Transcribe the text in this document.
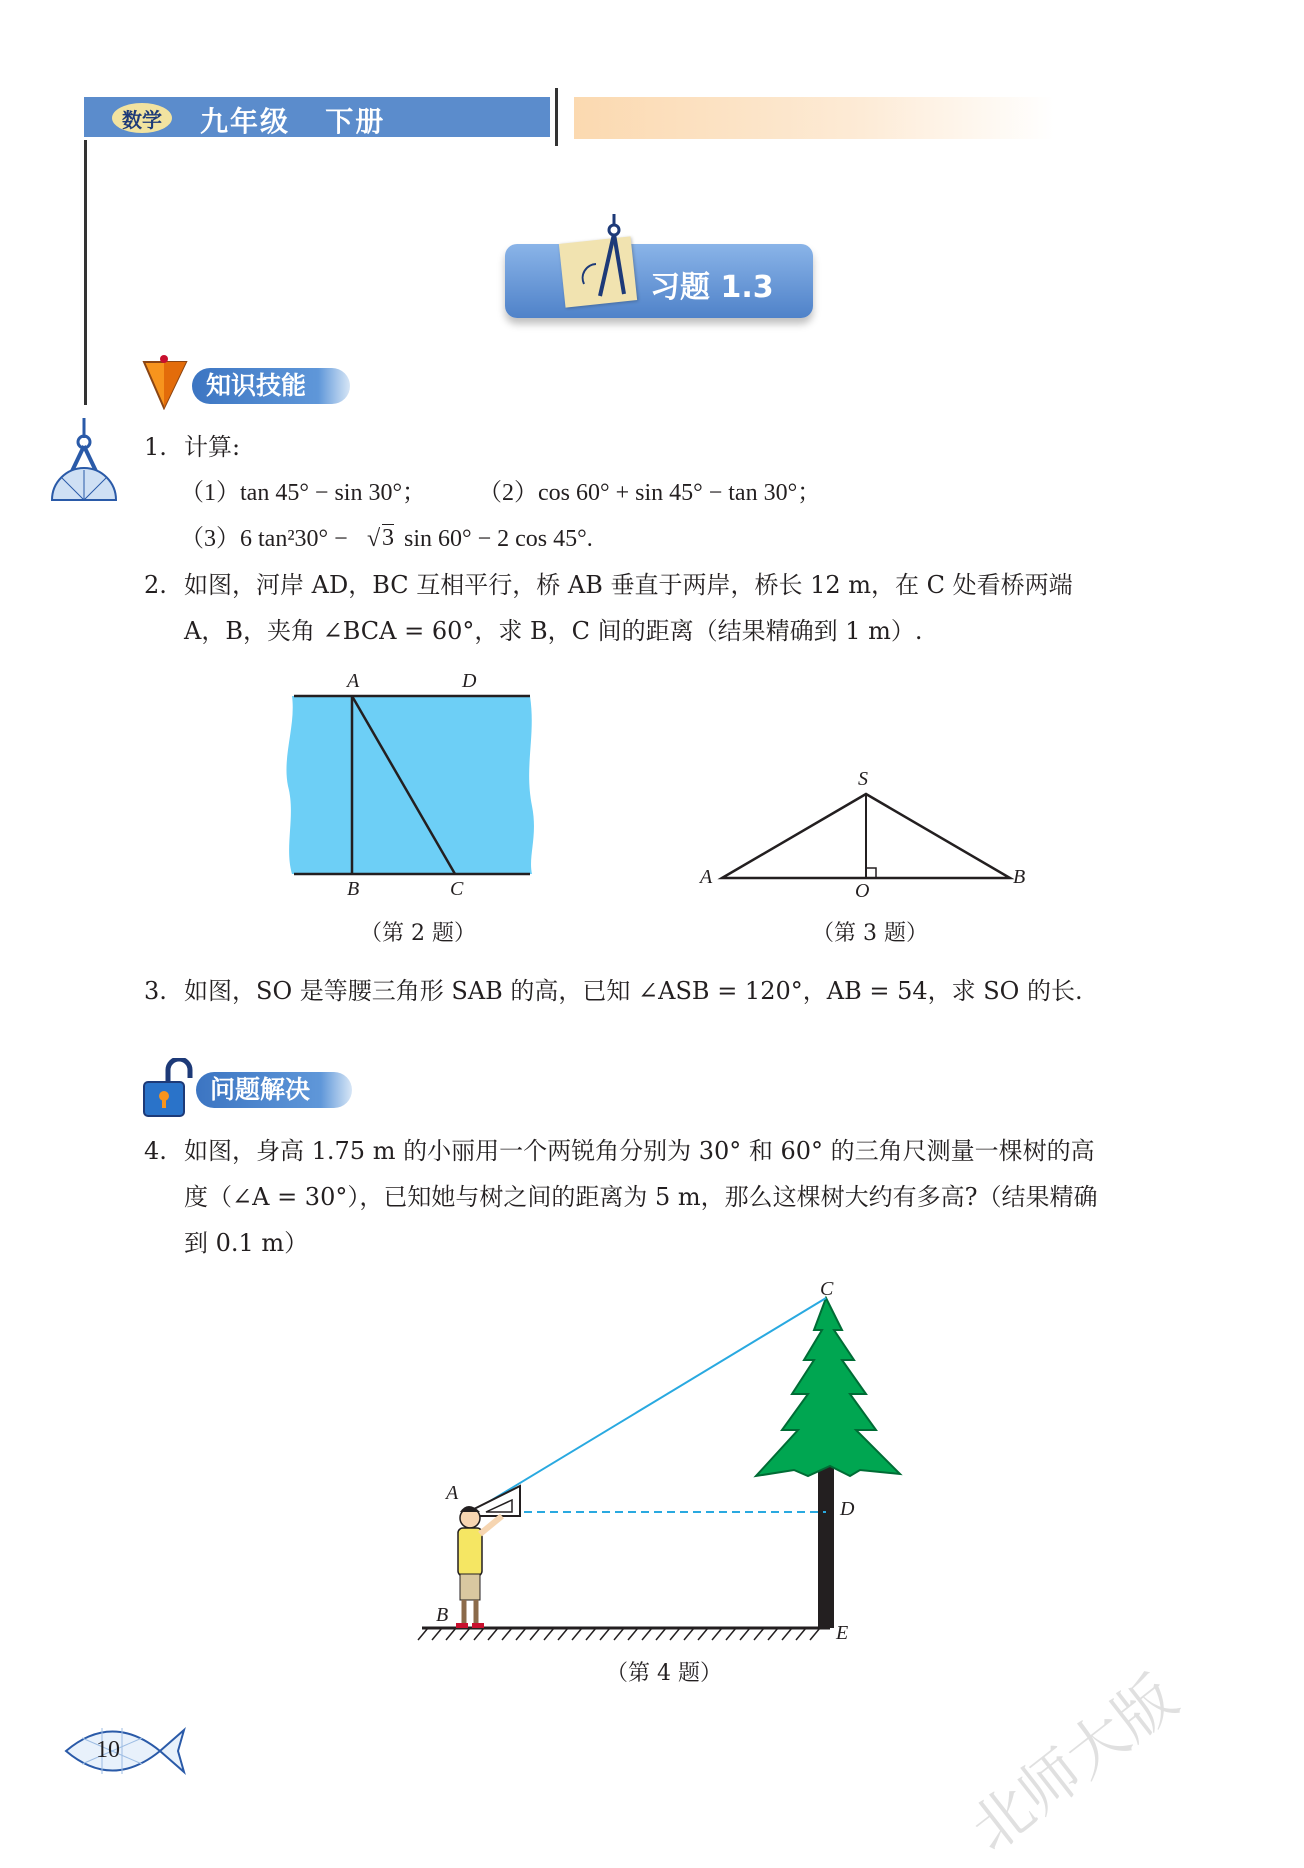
数学	九年级   下册
习题 1.3
知识技能
1. 计算:
（1）tan 45° − sin 30°； （2）cos 60° + sin 45° − tan 30°；
（3）6 tan²30° − √ 3 sin 60° − 2 cos 45°.
2. 如图，河岸 AD，BC 互相平行，桥 AB 垂直于两岸，桥长 12 m，在 C 处看桥两端
A，B，夹角 ∠BCA = 60°，求 B，C 间的距离（结果精确到 1 m）.
A	D
B	C
（第 2 题）
S
A
O
B
（第 3 题）
3. 如图，SO 是等腰三角形 SAB 的高，已知 ∠ASB = 120°，AB = 54，求 SO 的长.
问题解决
4. 如图，身高 1.75 m 的小丽用一个两锐角分别为 30° 和 60° 的三角尺测量一棵树的高
度（∠A = 30°），已知她与树之间的距离为 5 m，那么这棵树大约有多高?（结果精确
到 0.1 m）
C
A
D
B
E
（第 4 题）
10	北师大版
